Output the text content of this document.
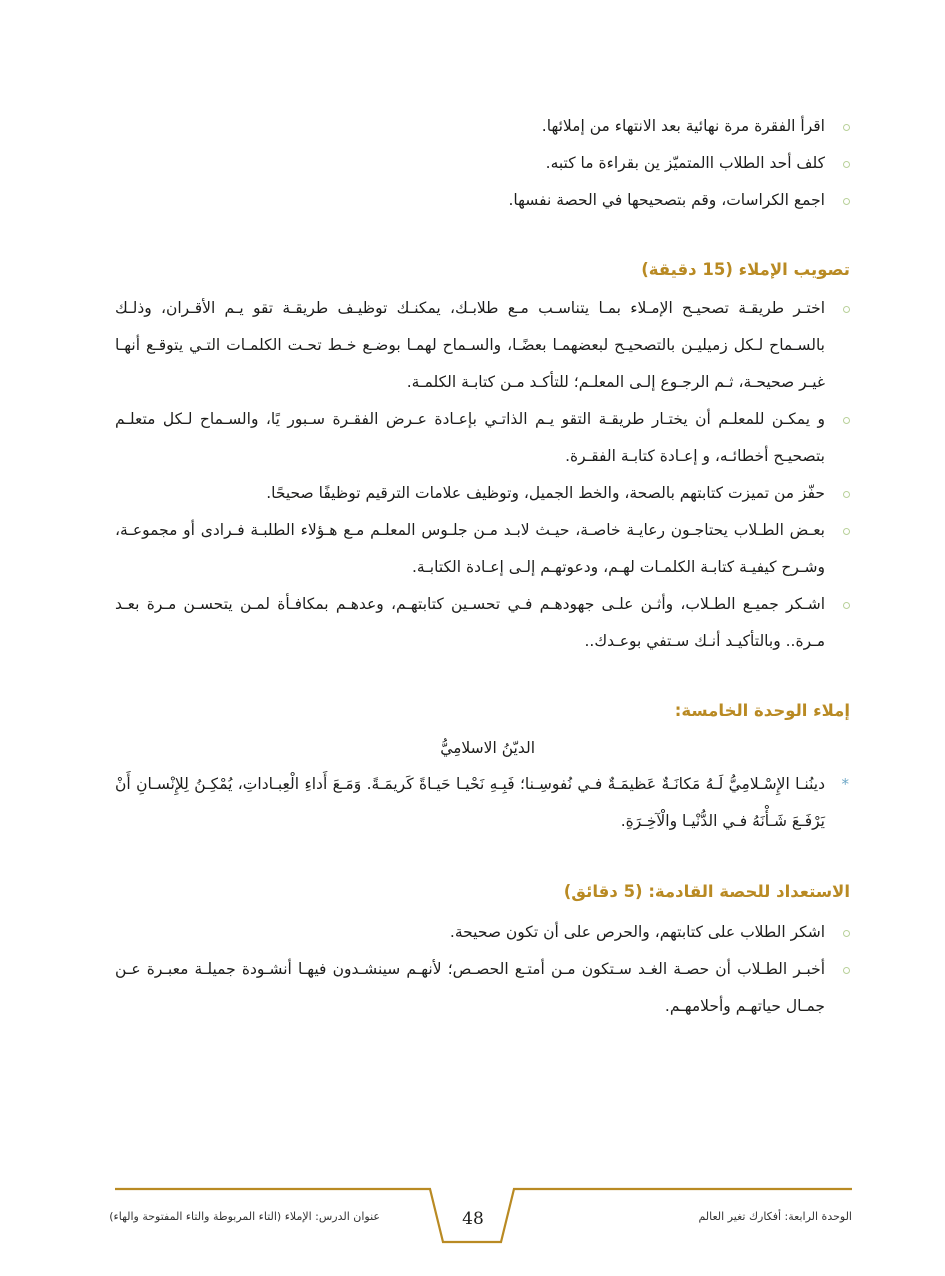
اقرأ الفقرة مرة نهائية بعد الانتهاء من إملائها.
كلف أحد الطلاب االمتميّز ين بقراءة ما كتبه.
اجمع الكراسات، وقم بتصحيحها في الحصة نفسها.
تصويب الإملاء (15 دقيقة)
اختـر طريقـة تصحيـح الإمـلاء بمـا يتناسـب مـع طلابـك، يمكنـك توظيـف طريقـة تقو يـم الأقـران، وذلـك بالسـماح لـكل زميليـن بالتصحيـح لبعضهمـا بعضًـا، والسـماح لهمـا بوضـع خـط تحـت الكلمـات التـي يتوقـع أنهـا غيـر صحيحـة، ثـم الرجـوع إلـى المعلـم؛ للتأكـد مـن كتابـة الكلمـة.
و يمكـن للمعلـم أن يختـار طريقـة التقو يـم الذاتـي بإعـادة عـرض الفقـرة سـبور يًا، والسـماح لـكل متعلـم بتصحيـح أخطائـه، و إعـادة كتابـة الفقـرة.
حفّز من تميزت كتابتهم بالصحة، والخط الجميل، وتوظيف علامات الترقيم توظيفًا صحيحًا.
بعـض الطـلاب يحتاجـون رعايـة خاصـة، حيـث لابـد مـن جلـوس المعلـم مـع هـؤلاء الطلبـة فـرادى أو مجموعـة، وشـرح كيفيـة كتابـة الكلمـات لهـم، ودعوتهـم إلـى إعـادة الكتابـة.
اشـكر جميـع الطـلاب، وأثـن علـى جهودهـم فـي تحسـين كتابتهـم، وعدهـم بمكافـأة لمـن يتحسـن مـرة بعـد مـرة.. وبالتأكيـد أنـك سـتفي بوعـدك..
إملاء الوحدة الخامسة:

الديّنُ الاسلامِيُّ

*
دينُنـا الإِسْـلامِيُّ لَـهُ مَكانَـةٌ عَظيمَـةٌ فـي نُفوسِـنا؛ فَبِـهِ نَحْيـا حَيـاةً كَريمَـةً. وَمَـعَ أَداءِ الْعِبـاداتِ، يُمْكِـنُ لِلإِنْسـانِ أَنْ يَرْفَـعَ شَـأْنَهُ فـي الدُّنْيـا والْآخِـرَةِ.
الاستعداد للحصة القادمة: (5 دقائق)
اشكر الطلاب على كتابتهم، والحرص على أن تكون صحيحة.
أخبـر الطـلاب أن حصـة الغـد سـتكون مـن أمتـع الحصـص؛ لأنهـم سينشـدون فيهـا أنشـودة جميلـة معبـرة عـن جمـال حياتهـم وأحلامهـم.
الوحدة الرابعة: أفكارك تغير العالم
48
عنوان الدرس: الإملاء (التاء المربوطة والتاء المفتوحة والهاء)
